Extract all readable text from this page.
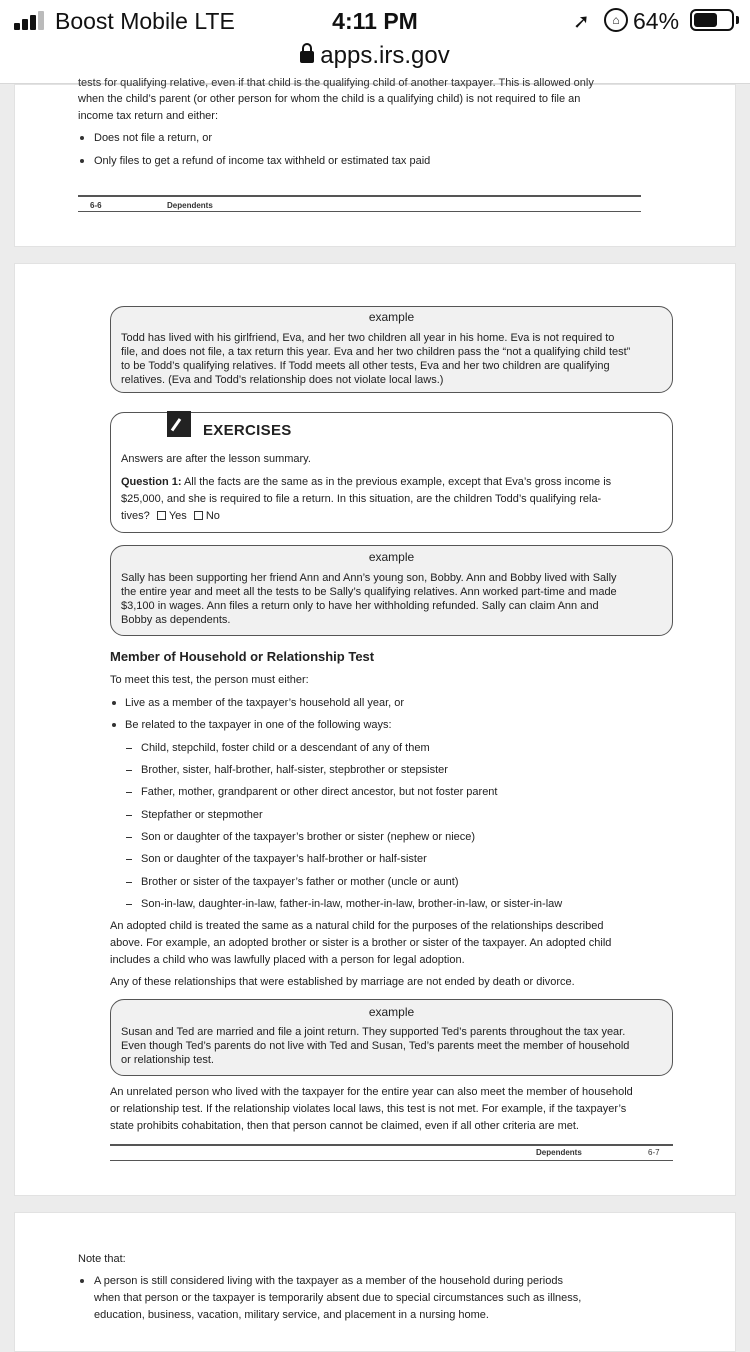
Boost Mobile LTE	4:11 PM	➚	⌂ 64%
apps.irs.gov
tests for qualifying relative, even if that child is the qualifying child of another taxpayer. This is allowed only
when the child’s parent (or other person for whom the child is a qualifying child) is not required to file an
income tax return and either:
Does not file a return, or
Only files to get a refund of income tax withheld or estimated tax paid
6-6	Dependents
example
Todd has lived with his girlfriend, Eva, and her two children all year in his home. Eva is not required to
file, and does not file, a tax return this year. Eva and her two children pass the “not a qualifying child test”
to be Todd’s qualifying relatives. If Todd meets all other tests, Eva and her two children are qualifying
relatives. (Eva and Todd’s relationship does not violate local laws.)
EXERCISES
Answers are after the lesson summary.
Question 1: All the facts are the same as in the previous example, except that Eva’s gross income is
$25,000, and she is required to file a return. In this situation, are the children Todd’s qualifying rela-
tives? Yes No
example
Sally has been supporting her friend Ann and Ann’s young son, Bobby. Ann and Bobby lived with Sally
the entire year and meet all the tests to be Sally’s qualifying relatives. Ann worked part-time and made
$3,100 in wages. Ann files a return only to have her withholding refunded. Sally can claim Ann and
Bobby as dependents.
Member of Household or Relationship Test
To meet this test, the person must either:
Live as a member of the taxpayer’s household all year, or
Be related to the taxpayer in one of the following ways:
Child, stepchild, foster child or a descendant of any of them
Brother, sister, half-brother, half-sister, stepbrother or stepsister
Father, mother, grandparent or other direct ancestor, but not foster parent
Stepfather or stepmother
Son or daughter of the taxpayer’s brother or sister (nephew or niece)
Son or daughter of the taxpayer’s half-brother or half-sister
Brother or sister of the taxpayer’s father or mother (uncle or aunt)
Son-in-law, daughter-in-law, father-in-law, mother-in-law, brother-in-law, or sister-in-law
An adopted child is treated the same as a natural child for the purposes of the relationships described
above. For example, an adopted brother or sister is a brother or sister of the taxpayer. An adopted child
includes a child who was lawfully placed with a person for legal adoption.
Any of these relationships that were established by marriage are not ended by death or divorce.
example
Susan and Ted are married and file a joint return. They supported Ted’s parents throughout the tax year.
Even though Ted’s parents do not live with Ted and Susan, Ted’s parents meet the member of household
or relationship test.
An unrelated person who lived with the taxpayer for the entire year can also meet the member of household
or relationship test. If the relationship violates local laws, this test is not met. For example, if the taxpayer’s
state prohibits cohabitation, then that person cannot be claimed, even if all other criteria are met.
Dependents	6-7
Note that:
A person is still considered living with the taxpayer as a member of the household during periods
when that person or the taxpayer is temporarily absent due to special circumstances such as illness,
education, business, vacation, military service, and placement in a nursing home.
